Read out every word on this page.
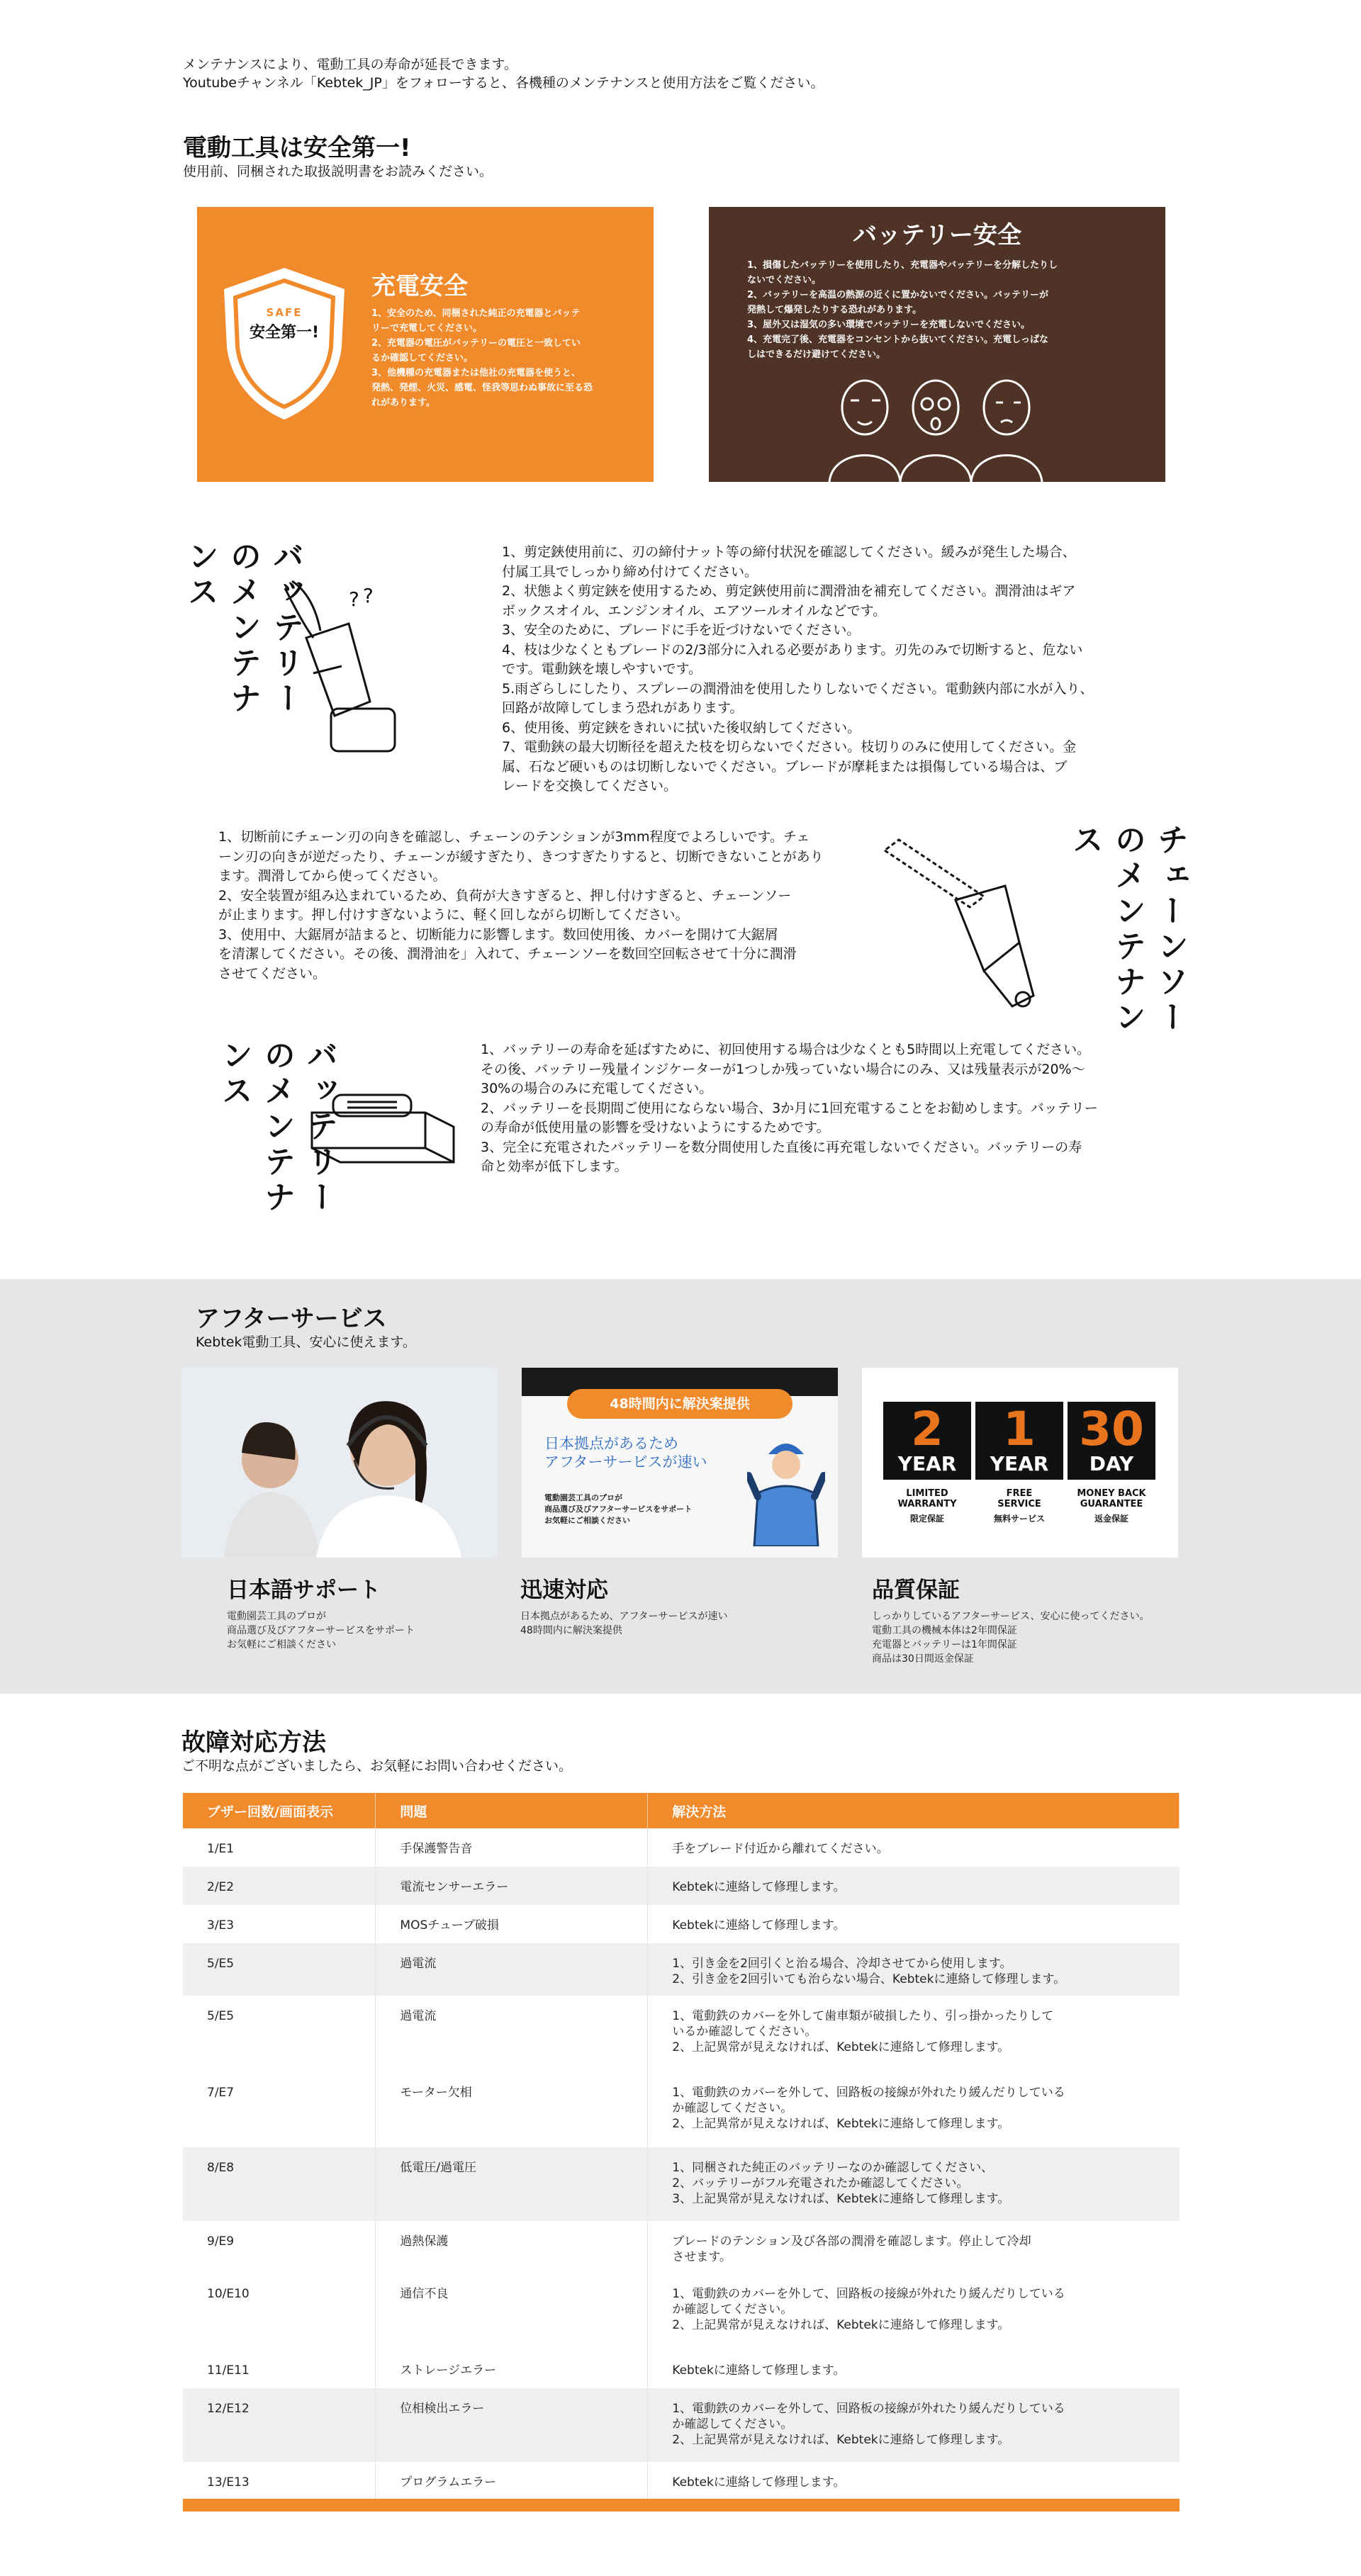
メンテナンスにより、電動工具の寿命が延長できます。

Youtubeチャンネル「Kebtek_JP」をフォローすると、各機種のメンテナンスと使用方法をご覧ください。

電動工具は安全第一!

使用前、同梱された取扱説明書をお読みください。

SAFE
安全第一!
充電安全
1、安全のため、同梱された純正の充電器とバッテ
リーで充電してください。
2、充電器の電圧がバッテリーの電圧と一致してい
るか確認してください。
3、他機種の充電器または他社の充電器を使うと、
発熱、発煙、火災、感電、怪我等思わぬ事故に至る恐
れがあります。
バッテリー安全
1、損傷したバッテリーを使用したり、充電器やバッテリーを分解したりし
ないでください。
2、バッテリーを高温の熱源の近くに置かないでください。バッテリーが
発熱して爆発したりする恐れがあります。
3、屋外又は湿気の多い環境でバッテリーを充電しないでください。
4、充電完了後、充電器をコンセントから抜いてください。充電しっぱな
しはできるだけ避けてください。
バッテリーのメンテナンス	? ?
1、剪定鋏使用前に、刃の締付ナット等の締付状況を確認してください。緩みが発生した場合、
付属工具でしっかり締め付けてください。
2、状態よく剪定鋏を使用するため、剪定鋏使用前に潤滑油を補充してください。潤滑油はギア
ボックスオイル、エンジンオイル、エアツールオイルなどです。
3、安全のために、ブレードに手を近づけないでください。
4、枝は少なくともブレードの2/3部分に入れる必要があります。刃先のみで切断すると、危ない
です。電動鋏を壊しやすいです。
5.雨ざらしにしたり、スプレーの潤滑油を使用したりしないでください。電動鋏内部に水が入り、
回路が故障してしまう恐れがあります。
6、使用後、剪定鋏をきれいに拭いた後収納してください。
7、電動鋏の最大切断径を超えた枝を切らないでください。枝切りのみに使用してください。金
属、石など硬いものは切断しないでください。ブレードが摩耗または損傷している場合は、ブ
レードを交換してください。
1、切断前にチェーン刃の向きを確認し、チェーンのテンションが3mm程度でよろしいです。チェ
ーン刃の向きが逆だったり、チェーンが緩すぎたり、きつすぎたりすると、切断できないことがあり
ます。潤滑してから使ってください。
2、安全装置が組み込まれているため、負荷が大きすぎると、押し付けすぎると、チェーンソー
が止まります。押し付けすぎないように、軽く回しながら切断してください。
3、使用中、大鋸屑が詰まると、切断能力に影響します。数回使用後、カバーを開けて大鋸屑
を清潔してください。その後、潤滑油を」入れて、チェーンソーを数回空回転させて十分に潤滑
させてください。	チェーンソーのメンテナンス
バッテリーのメンテナンス	1、バッテリーの寿命を延ばすために、初回使用する場合は少なくとも5時間以上充電してください。
その後、バッテリー残量インジケーターが1つしか残っていない場合にのみ、又は残量表示が20%～
30%の場合のみに充電してください。
2、バッテリーを長期間ご使用にならない場合、3か月に1回充電することをお勧めします。バッテリー
の寿命が低使用量の影響を受けないようにするためです。
3、完全に充電されたバッテリーを数分間使用した直後に再充電しないでください。バッテリーの寿
命と効率が低下します。
アフターサービス

Kebtek電動工具、安心に使えます。

48時間内に解決案提供
日本拠点があるため
アフターサービスが速い
電動園芸工具のプロが
商品選び及びアフターサービスをサポート
お気軽にご相談ください
2
YEAR
LIMITED
WARRANTY
限定保証
1
YEAR
FREE
SERVICE
無料サービス
30
DAY
MONEY BACK
GUARANTEE
返金保証
日本語サポート
電動園芸工具のプロが
商品選び及びアフターサービスをサポート
お気軽にご相談ください
迅速対応
日本拠点があるため、アフターサービスが速い
48時間内に解決案提供
品質保証
しっかりしているアフターサービス、安心に使ってください。
電動工具の機械本体は2年間保証
充電器とバッテリーは1年間保証
商品は30日間返金保証
故障対応方法

ご不明な点がございましたら、お気軽にお問い合わせください。

ブザー回数/画面表示	問題	解決方法
1/E1	手保護警告音	手をブレード付近から離れてください。

2/E2	電流センサーエラー	Kebtekに連絡して修理します。

3/E3	MOSチューブ破損	Kebtekに連絡して修理します。

5/E5	過電流	1、引き金を2回引くと治る場合、冷却させてから使用します。
2、引き金を2回引いても治らない場合、Kebtekに連絡して修理します。

5/E5	過電流	1、電動鉄のカバーを外して歯車類が破損したり、引っ掛かったりして
いるか確認してください。
2、上記異常が見えなければ、Kebtekに連絡して修理します。

7/E7	モーター欠相	1、電動鉄のカバーを外して、回路板の接線が外れたり緩んだりしている
か確認してください。
2、上記異常が見えなければ、Kebtekに連絡して修理します。

8/E8	低電圧/過電圧	1、同梱された純正のバッテリーなのか確認してください、
2、バッテリーがフル充電されたか確認してください。
3、上記異常が見えなければ、Kebtekに連絡して修理します。

9/E9	過熱保護	ブレードのテンション及び各部の潤滑を確認します。停止して冷却
させます。

10/E10	通信不良	1、電動鉄のカバーを外して、回路板の接線が外れたり緩んだりしている
か確認してください。
2、上記異常が見えなければ、Kebtekに連絡して修理します。

11/E11	ストレージエラー	Kebtekに連絡して修理します。

12/E12	位相検出エラー	1、電動鉄のカバーを外して、回路板の接線が外れたり緩んだりしている
か確認してください。
2、上記異常が見えなければ、Kebtekに連絡して修理します。

13/E13	プログラムエラー	Kebtekに連絡して修理します。
